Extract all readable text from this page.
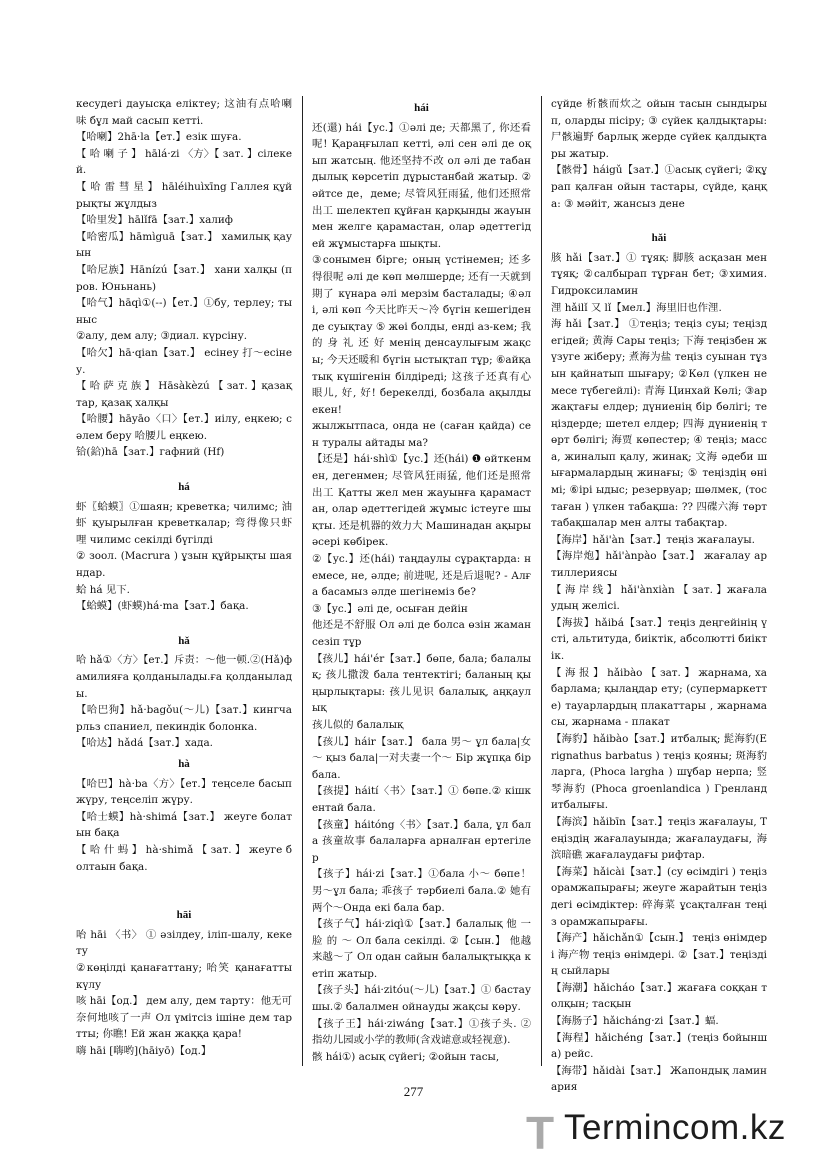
кесудегі дауысқа еліктеу; 这油有点哈喇味 бұл май сасып кетті.

【哈喇】2hā·la【ет.】езік шуға.

【 哈 喇 子 】 hālá·zi 〈方〉【 зат. 】сілекей.

【 哈 雷 彗 星 】 hāléihuìxīng Галлея құйрықты жұлдыз

【哈里发】hālǐfā【зат.】халиф

【哈密瓜】hāmìguā【зат.】 хамилық қауын

【哈尼族】Hānízú【зат.】 хани халқы (пров. Юньнань)

【哈气】hāqì①(--)【ет.】①бу, терлеу; тыныс

②алу, дем алу; ③диал. күрсіну.

【哈欠】hā·qian【зат.】 есінеу 打～есінеу.

【 哈 萨 克 族 】 Hāsàkèzú 【 зат. 】қазақтар, қазақ халқы

【哈腰】hāyāo〈口〉【ет.】иілу, еңкею; сәлем беру 哈腰儿 еңкею.

铪(鉿)hā【зат.】гафний (Hf)

há

虾〖蛤蟆〗①шаян; креветка; чилимс; 油虾 қуырылған креветкалар; 弯得像只虾哩 чилимс секілді бүгілді

② зоол. (Macrura ) ұзын құйрықты шаяндар.

蛤 há 见下.

【蛤蟆】(虾蟆)há·ma【зат.】бақа.

hǎ

哈 hǎ①〈方〉【ет.】斥责：～他一顿.②(Hǎ)фамилияға қолданылады.ға қолданылады.

【哈巴狗】hǎ·bagǒu(～儿)【зат.】кингчарльз спаниел, пекиндік болонка.

【哈达】hǎdá【зат.】хада.

hà

【哈巴】hà·ba〈方〉【ет.】теңселе басып жүру, теңселіп жүру.

【哈士蟆】hà·shimá【зат.】 жеуге болатын бақа

【 哈 什 蚂 】 hà·shimǎ 【 зат. 】 жеуге болтаын бақа.

hāi

咍 hāi 〈书〉 ① әзілдеу, іліп-шалу, кекету

②көңілді қанағаттану; 咍笑 қанағатты күлу

咳 hāi【од.】 дем алу, дем тарту：他无可奈何地咳了一声 Ол үмітсіз ішіне дем тартты; 你瞧! Ей жан жаққа қара!

嗨 hāi [嗨哟](hāiyō)【од.】

hái

还(還) hái【ус.】①әлі де; 天都黑了, 你还看呢! Қараңғылап кетті, әлі сен әлі де оқып жатсың. 他还坚持不改 ол әлі де табандылық көрсетіп дұрыстанбай жатыр. ②әйтсе де，деме; 尽管风狂雨猛, 他们还照常出工 шелектеп құйған қарқынды жауын мен желге қарамастан, олар әдеттегідей жұмыстарға шықты.

③сонымен бірге; оның үстінемен; 还多得很呢 әлі де көп мөлшерде; 还有一天就到期了 күнара әлі мерзім басталады; ④әлі, әлі көп 今天比昨天～冷 бүгін кешегіден де суықтау ⑤ жөі болды, енді аз-кем; 我 的 身 礼 还 好 менің денсаулығым жақсы; 今天还暖和 бүгін ыстықтап тұр; ⑥айқатық күшігенін білдіреді; 这孩子还真有心眼儿, 好, 好! берекелді, бозбала ақылды екен!

жылжытпаса, онда не (саған қайда) сен туралы айтады ма?

【还是】hái·shì①【ус.】还(hái) ❶ өйткенмен, дегенмен; 尽管风狂雨猛, 他们还是照常出工 Қатты жел мен жауынға қарамастан, олар әдеттегідей жұмыс істеуге шықты. 还是机器的效力大 Машинадан ақыры әсері көбірек.

②【ус.】还(hái) таңдаулы сұрақтарда: немесе, не, әлде; 前进呢, 还是后退呢? - Алға басамыз әлде шегінеміз бе?

③【ус.】әлі де, осыған дейін

他还是不舒服 Ол әлі де болса өзін жаман сезіп тұр

【孩儿】hái'ér【зат.】бөпе, бала; балалық; 孩儿撒泼 бала тентектігі; баланың қыңырлықтары: 孩儿见识 балалық, аңқаулық

孩儿似的 балалық

【孩儿】háir【зат.】 бала 男～ ұл бала|女～ қыз бала|一对夫妻一个～ Бір жұпқа бір бала.

【孩提】háití〈书〉【зат.】① бөпе.② кішкентай бала.

【孩童】háitóng〈书〉【зат.】бала, ұл бала 孩童故事 балаларға арналған ертегілер

【孩子】hái·zi【зат.】①бала 小～ бөпе！男～ұл бала; 乖孩子 тәрбиелі бала.② 她有两个～Онда екі бала бар.

【孩子气】hái·ziqì①【зат.】балалық 他 一 脸 的 ～ Ол бала секілді. ②【сын.】 他越来越～了 Ол одан сайын балалықтыққа кетіп жатыр.

【孩子头】hái·zitóu(～儿)【зат.】① бастаушы.② балалмен ойнауды жақсы көру.

【孩子王】hái·ziwáng【зат.】①孩子头. ②指幼儿园或小学的教师(含戏谑意或轻视意).

骸 hái①) асық сүйегі; ②ойын тасы,

сүйде 析骸而炊之 ойын тасын сындырып, оларды пісіру; ③ сүйек қалдықтары: 尸骸遍野 барлық жерде сүйек қалдықтары жатыр.

【骸骨】háigǔ【зат.】①асық сүйегі; ②құрап қалған ойын тастары, сүйде, қаңқа: ③ мәйіт, жансыз дене

hǎi

胲 hǎi【зат.】① тұяқ: 脚胲 асқазан мен тұяқ; ②салбырап тұрған бет; ③химия. Гидроксиламин

浬 hǎilǐ 又 lǐ【мел.】海里旧也作浬.

海 hǎi【зат.】 ①теңіз; теңіз суы; теңіздегідей; 黄海 Сары теңіз; 下海 теңізбен жүзуге жіберу; 煮海为盐 теңіз суынан тұзын қайнатып шығару; ②Көл (үлкен немесе түбегейлі): 青海 Цинхай Көлі; ③ар жақтағы елдер; дүниенің бір бөлігі; теңіздерде; шетел елдер; 四海 дүниенің төрт бөлігі; 海贾 көпестер; ④ теңіз; масса, жиналып қалу, жинақ; 文海 әдеби шығармалардың жинағы; ⑤ теңіздің өнімі; ⑥ірі ыдыс; резервуар; шөлмек, (тостаған ) үлкен табақша: ?? 四碟六海 төрт табақшалар мен алты табақтар.

【海岸】hǎi'àn【зат.】теңіз жағалауы.

【海岸炮】hǎi'ànpào【зат.】 жағалау артиллериясы

【 海 岸 线 】 hǎi'ànxiàn 【 зат. 】жағалаудың желісі.

【海拔】hǎibá【зат.】теңіз деңгейінің үсті, альтитуда, биіктік, абсолютті биіктік.

【 海 报 】 hǎibào 【 зат. 】 жарнама, хабарлама; қылаңдар ету; (супермаркетте) тауарлардың плакаттары , жарнамасы, жарнама - плакат

【海豹】hǎibào【зат.】итбалық; 髭海豹(Erignathus barbatus ) теңіз қояны; 斑海豹 ларга, (Phoca largha ) шұбар нерпа; 竖琴海豹 (Phoca groenlandica ) Гренланд итбалығы.

【海滨】hǎibīn【зат.】теңіз жағалауы, Теңіздің жағалауында; жағалаудағы, 海滨暗礁 жағалаудағы рифтар.

【海菜】hǎicài【зат.】(су өсімдігі ) теңіз орамжапырағы; жеуге жарайтын теңіздегі өсімдіктер: 碎海菜 ұсақталған теңіз орамжапырағы.

【海产】hǎichǎn①【сын.】 теңіз өнімдері 海产物 теңіз өнімдері. ②【зат.】теңіздің сыйлары

【海潮】hǎicháo【зат.】жағаға соққан толқын; тасқын

【海肠子】hǎicháng·zi【зат.】蝠.

【海程】hǎichéng【зат.】(теңіз бойынша) рейс.

【海带】hǎidài【зат.】 Жапондық ламинария

277
T Termincom.kz
